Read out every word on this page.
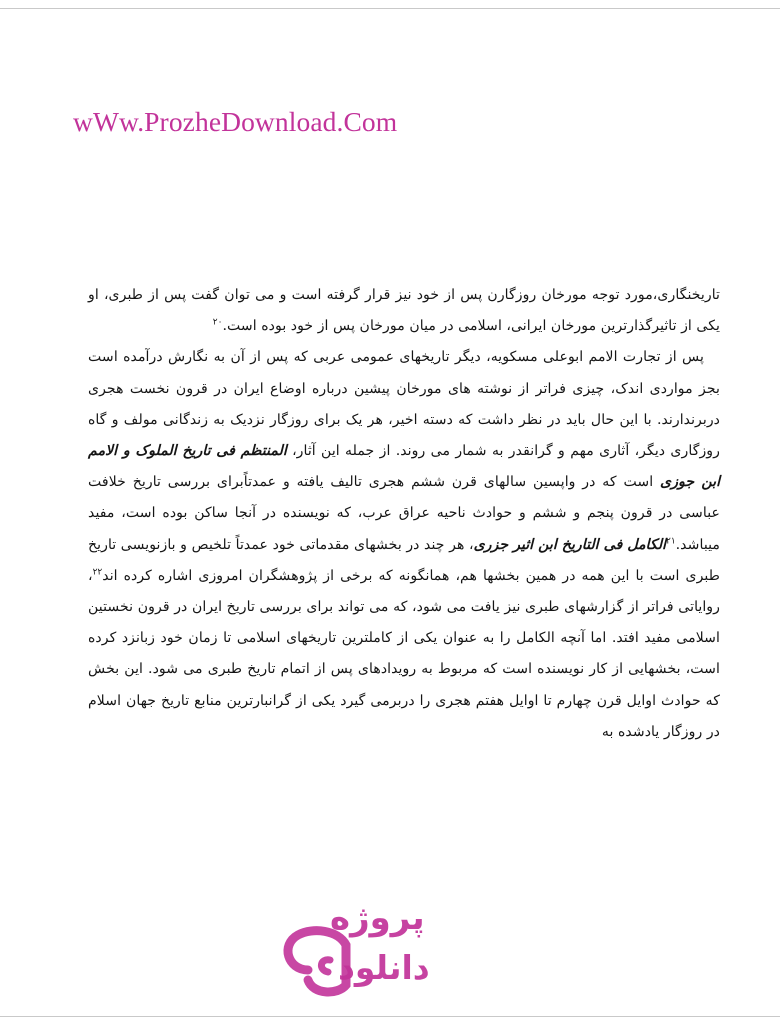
wWw.ProzheDownload.Com

تاریخنگاری،مورد توجه مورخان روزگارن پس از خود نیز قرار گرفته است و می توان گفت پس از طبری، او یکی از تاثیرگذارترین مورخان ایرانی، اسلامی در میان مورخان پس از خود بوده است.$^{۲۰}$

پس از تجارت الامم ابوعلی مسکویه، دیگر تاریخهای عمومی عربی که پس از آن به نگارش درآمده است بجز مواردی اندک، چیزی فراتر از نوشته های مورخان پیشین درباره اوضاع ایران در قرون نخست هجری دربرندارند. با این حال باید در نظر داشت که دسته اخیر، هر یک برای روزگار نزدیک به زندگانی مولف و گاه روزگاری دیگر، آثاری مهم و گرانقدر به شمار می روند. از جمله این آثار، المنتظم فی تاریخ الملوک و الامم ابن جوزی است که در واپسین سالهای قرن ششم هجری تالیف یافته و عمدتاًبرای بررسی تاریخ خلافت عباسی در قرون پنجم و ششم و حوادث ناحیه عراق عرب، که نویسنده در آنجا ساکن بوده است، مفید میباشد.$^{۲۱}$الکامل فی التاریخ ابن اثیر جزری، هر چند در بخشهای مقدماتی خود عمدتاً تلخیص و بازنویسی تاریخ طبری است با این همه در همین بخشها هم، همانگونه که برخی از پژوهشگران امروزی اشاره کرده اند$^{۲۲}$، روایاتی فراتر از گزارشهای طبری نیز یافت می شود، که می تواند برای بررسی تاریخ ایران در قرون نخستین اسلامی مفید افتد. اما آنچه الکامل را به عنوان یکی از کاملترین تاریخهای اسلامی تا زمان خود زبانزد کرده است، بخشهایی از کار نویسنده است که مربوط به رویدادهای پس از اتمام تاریخ طبری می شود. این بخش که حوادث اوایل قرن چهارم تا اوایل هفتم هجری را دربرمی گیرد یکی از گرانبارترین منابع تاریخ جهان اسلام در روزگار یادشده به

پروژه
دانلود
